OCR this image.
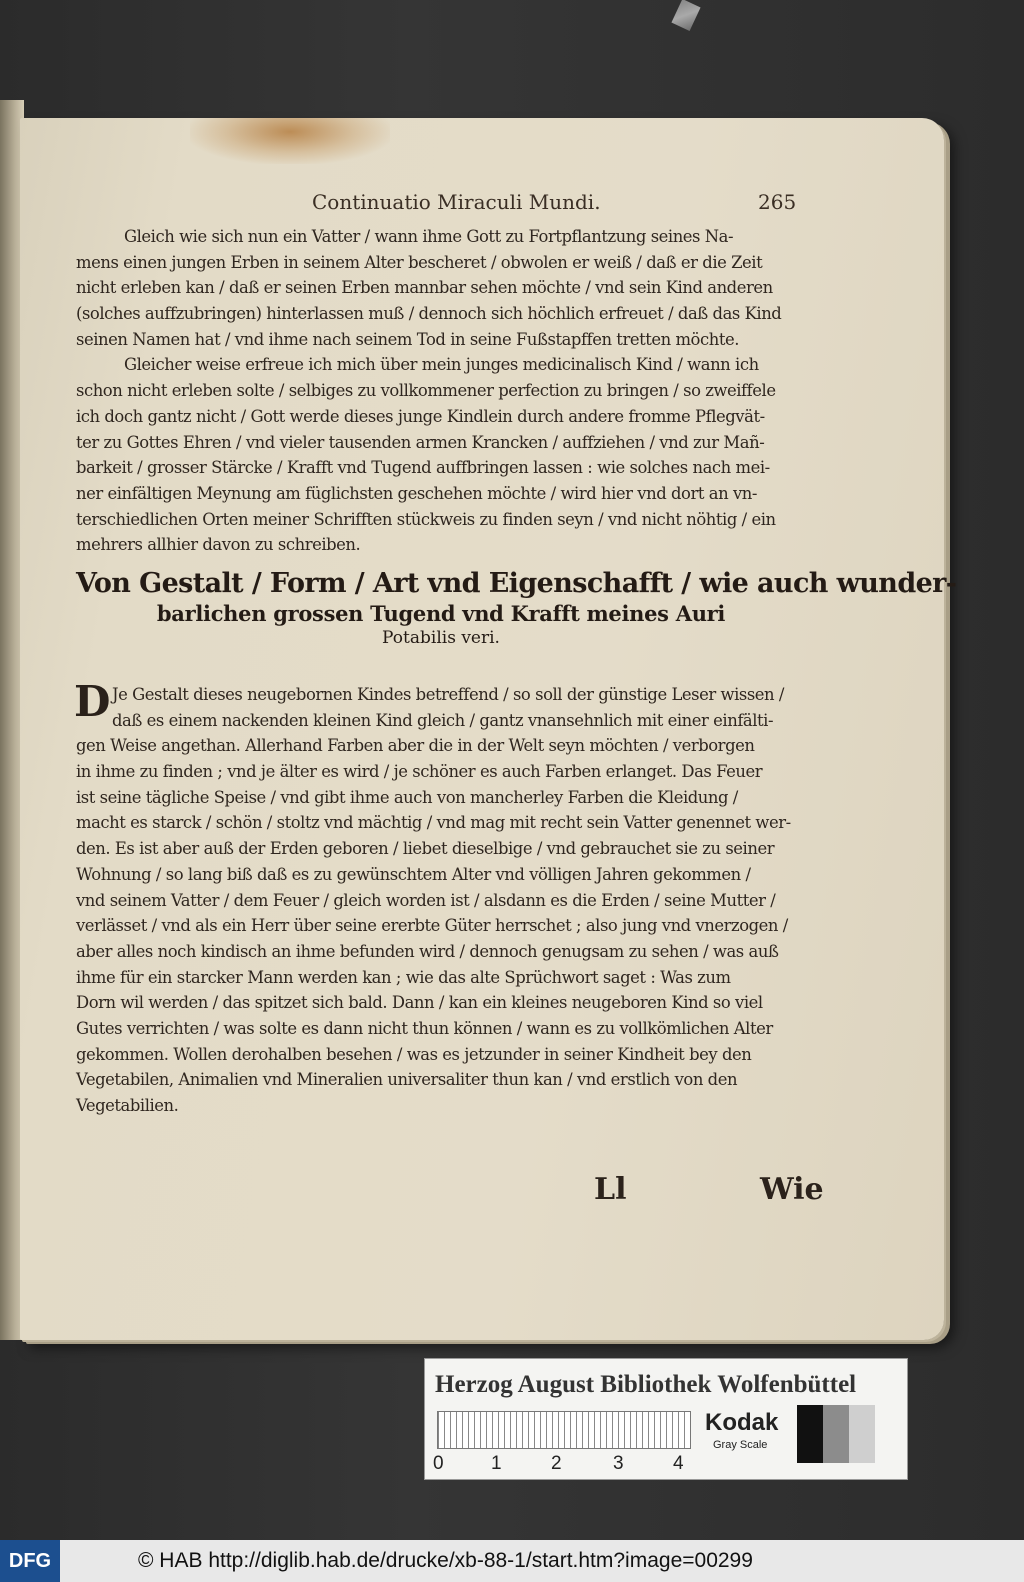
Continuatio Miraculi Mundi.	265
Gleich wie sich nun ein Vatter / wann ihme Gott zu Fortpflantzung seines Na-
mens einen jungen Erben in seinem Alter bescheret / obwolen er weiß / daß er die Zeit
nicht erleben kan / daß er seinen Erben mannbar sehen möchte / vnd sein Kind anderen
(solches auffzubringen) hinterlassen muß / dennoch sich höchlich erfreuet / daß das Kind
seinen Namen hat / vnd ihme nach seinem Tod in seine Fußstapffen tretten möchte.
Gleicher weise erfreue ich mich über mein junges medicinalisch Kind / wann ich
schon nicht erleben solte / selbiges zu vollkommener perfection zu bringen / so zweiffele
ich doch gantz nicht / Gott werde dieses junge Kindlein durch andere fromme Pflegvät-
ter zu Gottes Ehren / vnd vieler tausenden armen Krancken / auffziehen / vnd zur Mañ-
barkeit / grosser Stärcke / Krafft vnd Tugend auffbringen lassen : wie solches nach mei-
ner einfältigen Meynung am füglichsten geschehen möchte / wird hier vnd dort an vn-
terschiedlichen Orten meiner Schrifften stückweis zu finden seyn / vnd nicht nöhtig / ein
mehrers allhier davon zu schreiben.
Von Gestalt / Form / Art vnd Eigenschafft / wie auch wunder-
barlichen grossen Tugend vnd Krafft meines Auri
Potabilis veri.
D Je Gestalt dieses neugebornen Kindes betreffend / so soll der günstige Leser wissen /
daß es einem nackenden kleinen Kind gleich / gantz vnansehnlich mit einer einfälti-
gen Weise angethan. Allerhand Farben aber die in der Welt seyn möchten / verborgen
in ihme zu finden ; vnd je älter es wird / je schöner es auch Farben erlanget. Das Feuer
ist seine tägliche Speise / vnd gibt ihme auch von mancherley Farben die Kleidung /
macht es starck / schön / stoltz vnd mächtig / vnd mag mit recht sein Vatter genennet wer-
den. Es ist aber auß der Erden geboren / liebet dieselbige / vnd gebrauchet sie zu seiner
Wohnung / so lang biß daß es zu gewünschtem Alter vnd völligen Jahren gekommen /
vnd seinem Vatter / dem Feuer / gleich worden ist / alsdann es die Erden / seine Mutter /
verlässet / vnd als ein Herr über seine ererbte Güter herrschet ; also jung vnd vnerzogen /
aber alles noch kindisch an ihme befunden wird / dennoch genugsam zu sehen / was auß
ihme für ein starcker Mann werden kan ; wie das alte Sprüchwort saget : Was zum
Dorn wil werden / das spitzet sich bald. Dann / kan ein kleines neugeboren Kind so viel
Gutes verrichten / was solte es dann nicht thun können / wann es zu vollkömlichen Alter
gekommen. Wollen derohalben besehen / was es jetzunder in seiner Kindheit bey den
Vegetabilen, Animalien vnd Mineralien universaliter thun kan / vnd erstlich von den
Vegetabilien.
Ll	Wie
Herzog August Bibliothek Wolfenbüttel
0 1	2	3	4
Kodak
Gray Scale
DFG	© HAB http://diglib.hab.de/drucke/xb-88-1/start.htm?image=00299
